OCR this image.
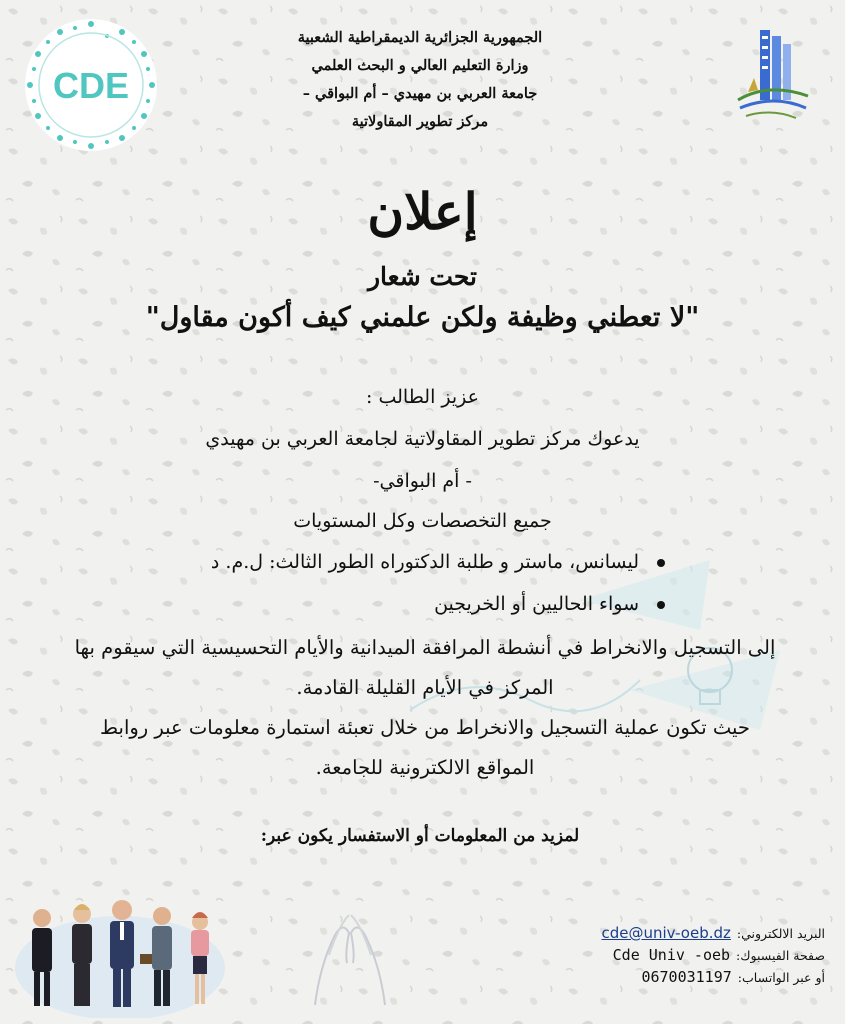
الجمهورية الجزائرية الديمقراطية الشعبية
وزارة التعليم العالي و البحث العلمي
جامعة العربي بن مهيدي – أم البواقي –
مركز تطوير المقاولاتية
CDE
إعلان
تحت شعار
"لا تعطني وظيفة ولكن علمني كيف أكون مقاول"
عزيز الطالب :
يدعوك مركز تطوير المقاولاتية لجامعة العربي بن مهيدي
- أم البواقي-
جميع التخصصات وكل المستويات
ليسانس، ماستر و طلبة الدكتوراه الطور الثالث: ل.م. د
سواء الحاليين أو الخريجين
إلى التسجيل والانخراط في أنشطة المرافقة الميدانية والأيام التحسيسية التي سيقوم بها المركز في الأيام القليلة القادمة.
حيث تكون عملية التسجيل والانخراط من خلال تعبئة استمارة معلومات عبر روابط المواقع الالكترونية للجامعة.
لمزيد من المعلومات أو الاستفسار يكون عبر:
البريد الالكتروني:
cde@univ-oeb.dz
صفحة الفيسبوك:
Cde Univ -oeb
أو عبر الواتساب:
0670031197
